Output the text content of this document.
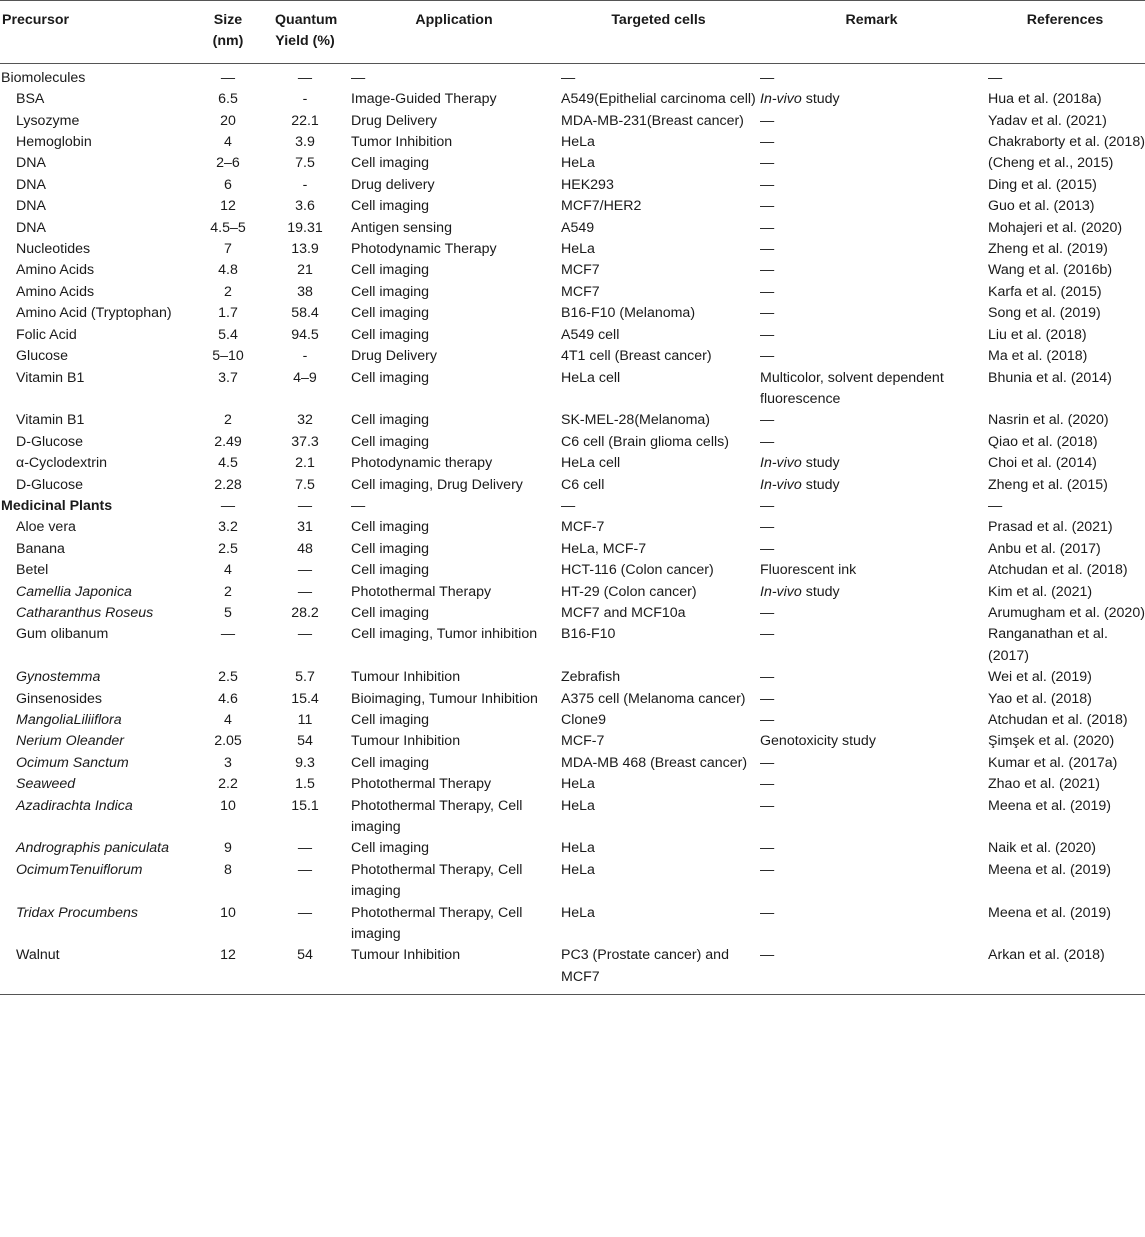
Precursor	Size (nm)	Quantum Yield (%)	Application	Targeted cells	Remark	References
Biomolecules	—	—	—	—	—	—
BSA	6.5	-	Image-Guided Therapy	A549(Epithelial carcinoma cell)	In-vivo study	Hua et al. (2018a)
Lysozyme	20	22.1	Drug Delivery	MDA-MB-231(Breast cancer)	—	Yadav et al. (2021)
Hemoglobin	4	3.9	Tumor Inhibition	HeLa	—	Chakraborty et al. (2018)
DNA	2–6	7.5	Cell imaging	HeLa	—	(Cheng et al., 2015)
DNA	6	-	Drug delivery	HEK293	—	Ding et al. (2015)
DNA	12	3.6	Cell imaging	MCF7/HER2	—	Guo et al. (2013)
DNA	4.5–5	19.31	Antigen sensing	A549	—	Mohajeri et al. (2020)
Nucleotides	7	13.9	Photodynamic Therapy	HeLa	—	Zheng et al. (2019)
Amino Acids	4.8	21	Cell imaging	MCF7	—	Wang et al. (2016b)
Amino Acids	2	38	Cell imaging	MCF7	—	Karfa et al. (2015)
Amino Acid (Tryptophan)	1.7	58.4	Cell imaging	B16-F10 (Melanoma)	—	Song et al. (2019)
Folic Acid	5.4	94.5	Cell imaging	A549 cell	—	Liu et al. (2018)
Glucose	5–10	-	Drug Delivery	4T1 cell (Breast cancer)	—	Ma et al. (2018)
Vitamin B1	3.7	4–9	Cell imaging	HeLa cell	Multicolor, solvent dependent fluorescence	Bhunia et al. (2014)
Vitamin B1	2	32	Cell imaging	SK-MEL-28(Melanoma)	—	Nasrin et al. (2020)
D-Glucose	2.49	37.3	Cell imaging	C6 cell (Brain glioma cells)	—	Qiao et al. (2018)
α-Cyclodextrin	4.5	2.1	Photodynamic therapy	HeLa cell	In-vivo study	Choi et al. (2014)
D-Glucose	2.28	7.5	Cell imaging, Drug Delivery	C6 cell	In-vivo study	Zheng et al. (2015)
Medicinal Plants	—	—	—	—	—	—
Aloe vera	3.2	31	Cell imaging	MCF-7	—	Prasad et al. (2021)
Banana	2.5	48	Cell imaging	HeLa, MCF-7	—	Anbu et al. (2017)
Betel	4	—	Cell imaging	HCT-116 (Colon cancer)	Fluorescent ink	Atchudan et al. (2018)
Camellia Japonica	2	—	Photothermal Therapy	HT-29 (Colon cancer)	In-vivo study	Kim et al. (2021)
Catharanthus Roseus	5	28.2	Cell imaging	MCF7 and MCF10a	—	Arumugham et al. (2020)
Gum olibanum	—	—	Cell imaging, Tumor inhibition	B16-F10	—	Ranganathan et al. (2017)
Gynostemma	2.5	5.7	Tumour Inhibition	Zebrafish	—	Wei et al. (2019)
Ginsenosides	4.6	15.4	Bioimaging, Tumour Inhibition	A375 cell (Melanoma cancer)	—	Yao et al. (2018)
MangoliaLiliiflora	4	11	Cell imaging	Clone9	—	Atchudan et al. (2018)
Nerium Oleander	2.05	54	Tumour Inhibition	MCF-7	Genotoxicity study	Şimşek et al. (2020)
Ocimum Sanctum	3	9.3	Cell imaging	MDA-MB 468 (Breast cancer)	—	Kumar et al. (2017a)
Seaweed	2.2	1.5	Photothermal Therapy	HeLa	—	Zhao et al. (2021)
Azadirachta Indica	10	15.1	Photothermal Therapy, Cell imaging	HeLa	—	Meena et al. (2019)
Andrographis paniculata	9	—	Cell imaging	HeLa	—	Naik et al. (2020)
OcimumTenuiflorum	8	—	Photothermal Therapy, Cell imaging	HeLa	—	Meena et al. (2019)
Tridax Procumbens	10	—	Photothermal Therapy, Cell imaging	HeLa	—	Meena et al. (2019)
Walnut	12	54	Tumour Inhibition	PC3 (Prostate cancer) and MCF7	—	Arkan et al. (2018)
